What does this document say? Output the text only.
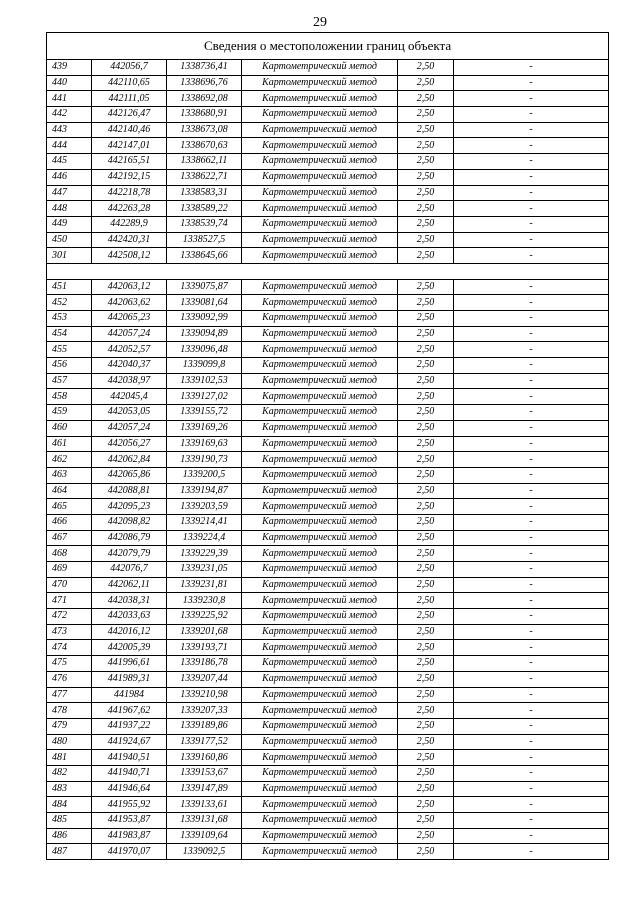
29
Сведения о местоположении границ объекта					
439	442056,7	1338736,41	Картометрический метод	2,50	-
440	442110,65	1338696,76	Картометрический метод	2,50	-
441	442111,05	1338692,08	Картометрический метод	2,50	-
442	442126,47	1338680,91	Картометрический метод	2,50	-
443	442140,46	1338673,08	Картометрический метод	2,50	-
444	442147,01	1338670,63	Картометрический метод	2,50	-
445	442165,51	1338662,11	Картометрический метод	2,50	-
446	442192,15	1338622,71	Картометрический метод	2,50	-
447	442218,78	1338583,31	Картометрический метод	2,50	-
448	442263,28	1338589,22	Картометрический метод	2,50	-
449	442289,9	1338539,74	Картометрический метод	2,50	-
450	442420,31	1338527,5	Картометрический метод	2,50	-
301	442508,12	1338645,66	Картометрический метод	2,50	-

451	442063,12	1339075,87	Картометрический метод	2,50	-
452	442063,62	1339081,64	Картометрический метод	2,50	-
453	442065,23	1339092,99	Картометрический метод	2,50	-
454	442057,24	1339094,89	Картометрический метод	2,50	-
455	442052,57	1339096,48	Картометрический метод	2,50	-
456	442040,37	1339099,8	Картометрический метод	2,50	-
457	442038,97	1339102,53	Картометрический метод	2,50	-
458	442045,4	1339127,02	Картометрический метод	2,50	-
459	442053,05	1339155,72	Картометрический метод	2,50	-
460	442057,24	1339169,26	Картометрический метод	2,50	-
461	442056,27	1339169,63	Картометрический метод	2,50	-
462	442062,84	1339190,73	Картометрический метод	2,50	-
463	442065,86	1339200,5	Картометрический метод	2,50	-
464	442088,81	1339194,87	Картометрический метод	2,50	-
465	442095,23	1339203,59	Картометрический метод	2,50	-
466	442098,82	1339214,41	Картометрический метод	2,50	-
467	442086,79	1339224,4	Картометрический метод	2,50	-
468	442079,79	1339229,39	Картометрический метод	2,50	-
469	442076,7	1339231,05	Картометрический метод	2,50	-
470	442062,11	1339231,81	Картометрический метод	2,50	-
471	442038,31	1339230,8	Картометрический метод	2,50	-
472	442033,63	1339225,92	Картометрический метод	2,50	-
473	442016,12	1339201,68	Картометрический метод	2,50	-
474	442005,39	1339193,71	Картометрический метод	2,50	-
475	441996,61	1339186,78	Картометрический метод	2,50	-
476	441989,31	1339207,44	Картометрический метод	2,50	-
477	441984	1339210,98	Картометрический метод	2,50	-
478	441967,62	1339207,33	Картометрический метод	2,50	-
479	441937,22	1339189,86	Картометрический метод	2,50	-
480	441924,67	1339177,52	Картометрический метод	2,50	-
481	441940,51	1339160,86	Картометрический метод	2,50	-
482	441940,71	1339153,67	Картометрический метод	2,50	-
483	441946,64	1339147,89	Картометрический метод	2,50	-
484	441955,92	1339133,61	Картометрический метод	2,50	-
485	441953,87	1339131,68	Картометрический метод	2,50	-
486	441983,87	1339109,64	Картометрический метод	2,50	-
487	441970,07	1339092,5	Картометрический метод	2,50	-
